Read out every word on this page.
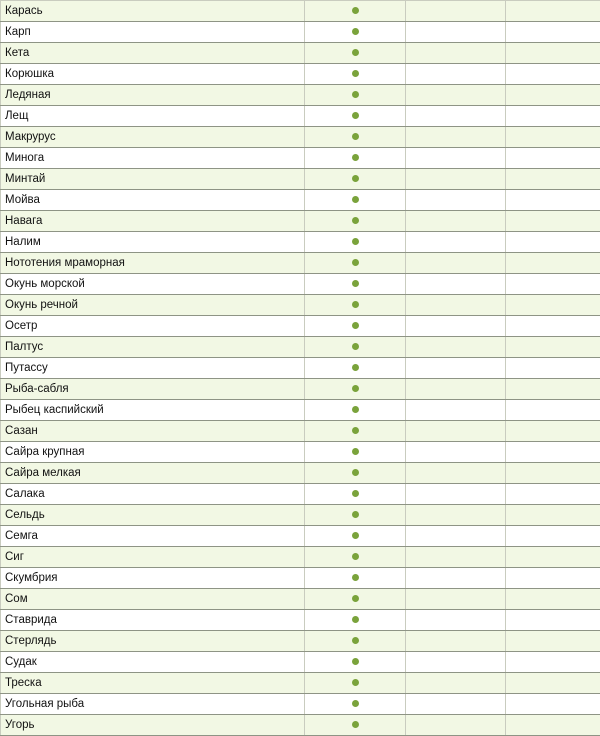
Карась			
Карп			
Кета			
Корюшка			
Ледяная			
Лещ			
Макрурус			
Минога			
Минтай			
Мойва			
Навага			
Налим			
Нототения мраморная			
Окунь морской			
Окунь речной			
Осетр			
Палтус			
Путассу			
Рыба-сабля			
Рыбец каспийский			
Сазан			
Сайра крупная			
Сайра мелкая			
Салака			
Сельдь			
Семга			
Сиг			
Скумбрия			
Сом			
Ставрида			
Стерлядь			
Судак			
Треска			
Угольная рыба			
Угорь			
